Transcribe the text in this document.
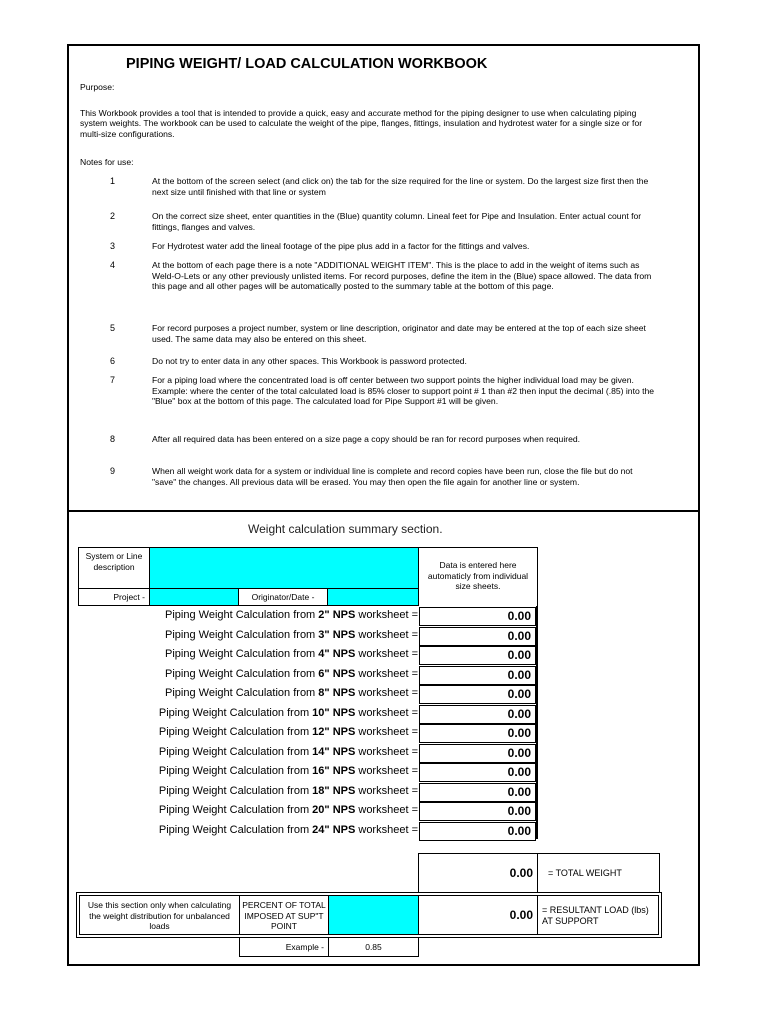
PIPING WEIGHT/ LOAD CALCULATION WORKBOOK
Purpose:
This Workbook provides a tool that is intended to provide a quick, easy and accurate method for the piping designer to use when calculating piping system weights. The workbook can be used to calculate the weight of the pipe, flanges, fittings, insulation and hydrotest water for a single size or for multi-size configurations.
Notes for use:
1	At the bottom of the screen select (and click on) the tab for the size required for the line or system. Do the largest size first then the next size until finished with that line or system
2	On the correct size sheet, enter quantities in the (Blue) quantity column. Lineal feet for Pipe and Insulation. Enter actual count for fittings, flanges and valves.
3	For Hydrotest water add the lineal footage of the pipe plus add in a factor for the fittings and valves.
4	At the bottom of each page there is a note "ADDITIONAL WEIGHT ITEM". This is the place to add in the weight of items such as Weld-O-Lets or any other previously unlisted items. For record purposes, define the item in the (Blue) space allowed. The data from this page and all other pages will be automatically posted to the summary table at the bottom of this page.
5	For record purposes a project number, system or line description, originator and date may be entered at the top of each size sheet used. The same data may also be entered on this sheet.
6	Do not try to enter data in any other spaces. This Workbook is password protected.
7	For a piping load where the concentrated load is off center between two support points the higher individual load may be given. Example: where the center of the total calculated load is 85% closer to support point # 1 than #2 then input the decimal (.85) into the "Blue" box at the bottom of this page. The calculated load for Pipe Support #1 will be given.
8	After all required data has been entered on a size page a copy should be ran for record purposes when required.
9	When all weight work data for a system or individual line is complete and record copies have been run, close the file but do not "save" the changes. All previous data will be erased. You may then open the file again for another line or system.
Weight calculation summary section.
System or Line description
Project -	Originator/Date -
Data is entered here automaticly from individual size sheets.
Piping Weight Calculation from 2" NPS worksheet =	0.00
Piping Weight Calculation from 3" NPS worksheet =	0.00
Piping Weight Calculation from 4" NPS worksheet =	0.00
Piping Weight Calculation from 6" NPS worksheet =	0.00
Piping Weight Calculation from 8" NPS worksheet =	0.00
Piping Weight Calculation from 10" NPS worksheet =	0.00
Piping Weight Calculation from 12" NPS worksheet =	0.00
Piping Weight Calculation from 14" NPS worksheet =	0.00
Piping Weight Calculation from 16" NPS worksheet =	0.00
Piping Weight Calculation from 18" NPS worksheet =	0.00
Piping Weight Calculation from 20" NPS worksheet =	0.00
Piping Weight Calculation from 24" NPS worksheet =	0.00
0.00	= TOTAL WEIGHT
Use this section only when calculating the weight distribution for unbalanced loads
PERCENT OF TOTAL IMPOSED AT SUP"T POINT
0.00	= RESULTANT LOAD (lbs) AT SUPPORT
Example -	0.85
